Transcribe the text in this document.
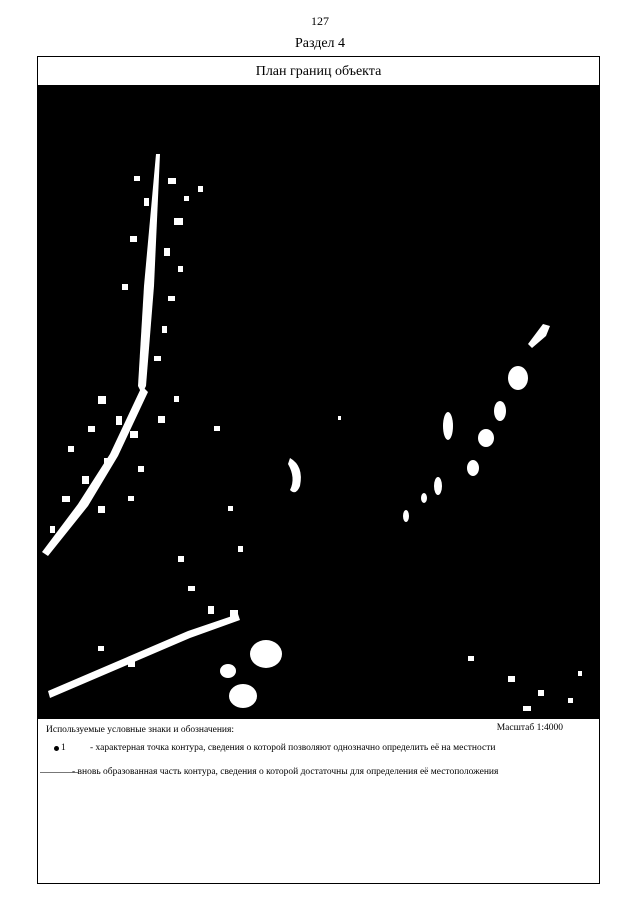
127
Раздел 4
План границ объекта
Используемые условные знаки и обозначения:	Масштаб 1:4000
1	- характерная точка контура, сведения о которой позволяют однозначно определить её на местности
- вновь образованная часть контура, сведения о которой достаточны для определения её местоположения
